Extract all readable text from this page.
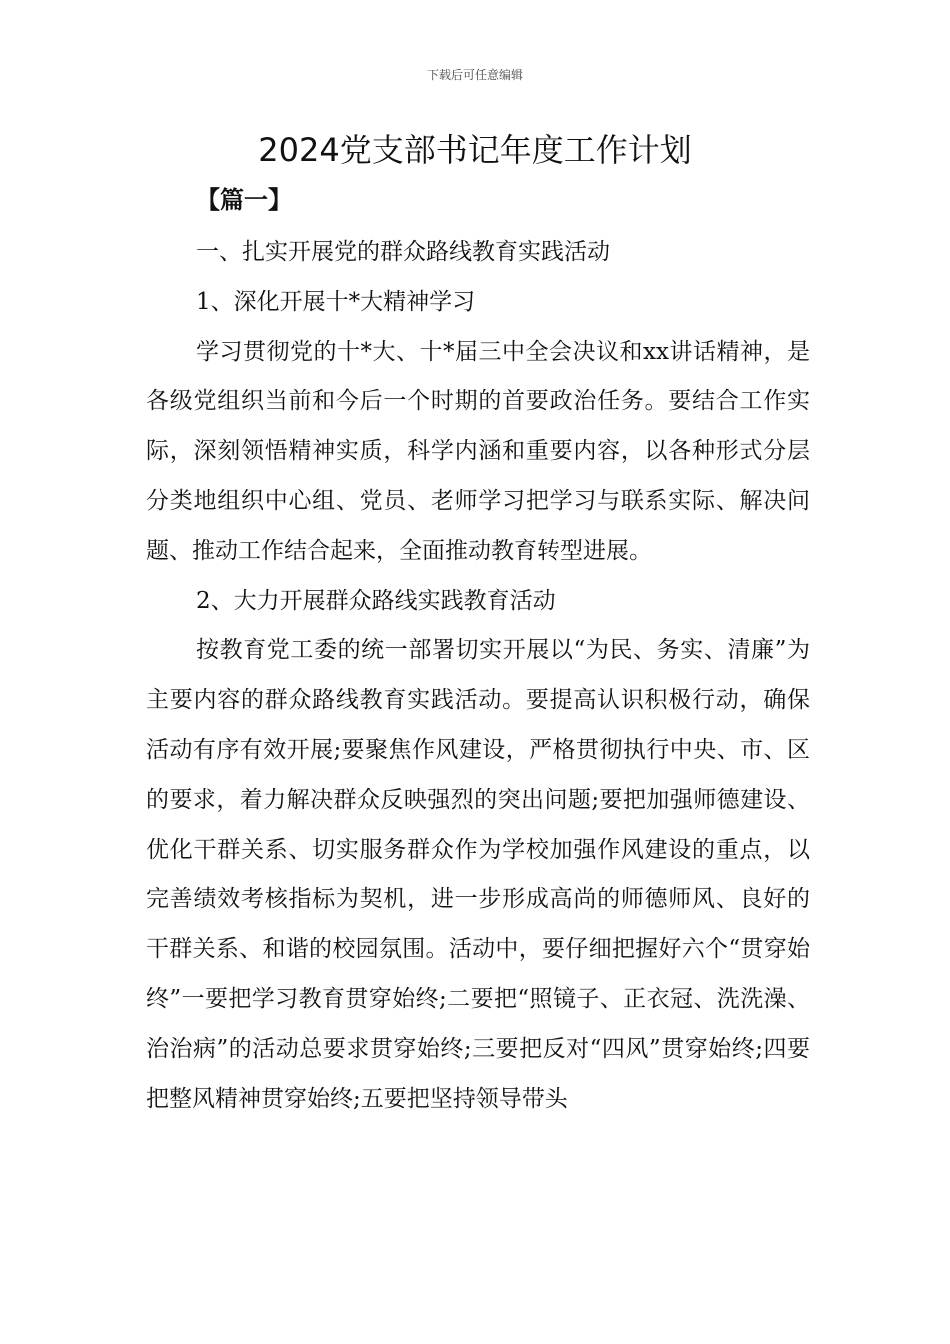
下载后可任意编辑
2024党支部书记年度工作计划
【篇一】

一、扎实开展党的群众路线教育实践活动

1、深化开展十*大精神学习

学习贯彻党的十*大、十*届三中全会决议和xx讲话精神，是各级党组织当前和今后一个时期的首要政治任务。要结合工作实际，深刻领悟精神实质，科学内涵和重要内容，以各种形式分层分类地组织中心组、党员、老师学习把学习与联系实际、解决问题、推动工作结合起来，全面推动教育转型进展。

2、大力开展群众路线实践教育活动

按教育党工委的统一部署切实开展以“为民、务实、清廉”为主要内容的群众路线教育实践活动。要提高认识积极行动，确保活动有序有效开展;要聚焦作风建设，严格贯彻执行中央、市、区的要求，着力解决群众反映强烈的突出问题;要把加强师德建设、优化干群关系、切实服务群众作为学校加强作风建设的重点，以完善绩效考核指标为契机，进一步形成高尚的师德师风、良好的干群关系、和谐的校园氛围。活动中，要仔细把握好六个“贯穿始终”一要把学习教育贯穿始终;二要把“照镜子、正衣冠、洗洗澡、治治病”的活动总要求贯穿始终;三要把反对“四风”贯穿始终;四要把整风精神贯穿始终;五要把坚持领导带头
